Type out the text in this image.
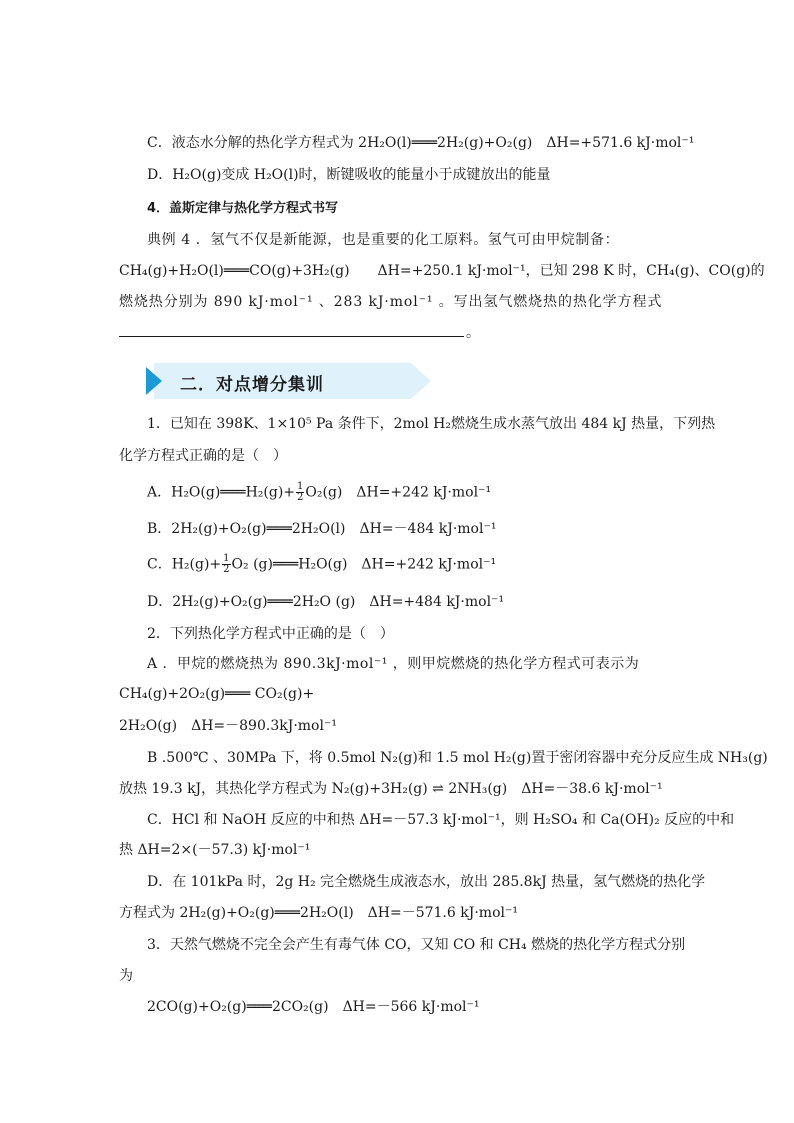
C．液态水分解的热化学方程式为 2H₂O(l)═══2H₂(g)+O₂(g)　ΔH=+571.6 kJ·mol⁻¹
D．H₂O(g)变成 H₂O(l)时，断键吸收的能量小于成键放出的能量
4．盖斯定律与热化学方程式书写
典例 4 ．氢气不仅是新能源，也是重要的化工原料。氢气可由甲烷制备：
CH₄(g)+H₂O(l)═══CO(g)+3H₂(g)　　ΔH=+250.1 kJ·mol⁻¹，已知 298 K 时，CH₄(g)、CO(g)的
燃烧热分别为 890 kJ·mol⁻¹ 、283 kJ·mol⁻¹ 。写出氢气燃烧热的热化学方程式
。
二．对点增分集训
1．已知在 398K、1×10⁵ Pa 条件下，2mol H₂燃烧生成水蒸气放出 484 kJ 热量，下列热
化学方程式正确的是（　）
A．H₂O(g)═══H₂(g)+ $\frac{1}{2} O_2(g)$　ΔH=+242 kJ·mol⁻¹
B．2H₂(g)+O₂(g)═══2H₂O(l)　ΔH=－484 kJ·mol⁻¹
C．$H_2(g)+ \frac{1}{2} O_2$ (g)═══H₂O(g)　ΔH=+242 kJ·mol⁻¹
D．2H₂(g)+O₂(g)═══2H₂O (g)　ΔH=+484 kJ·mol⁻¹
2．下列热化学方程式中正确的是（　）
A ．甲烷的燃烧热为 890.3kJ·mol⁻¹ ，则甲烷燃烧的热化学方程式可表示为
CH₄(g)+2O₂(g)═══ CO₂(g)+
2H₂O(g)　ΔH=－890.3kJ·mol⁻¹
B .500℃ 、30MPa 下，将 0.5mol N₂(g)和 1.5 mol H₂(g)置于密闭容器中充分反应生成 NH₃(g)
放热 19.3 kJ，其热化学方程式为 N₂(g)+3H₂(g) ⇌ 2NH₃(g)　ΔH=－38.6 kJ·mol⁻¹
C．HCl 和 NaOH 反应的中和热 ΔH=－57.3 kJ·mol⁻¹，则 H₂SO₄ 和 Ca(OH)₂ 反应的中和
热 ΔH=2×(－57.3) kJ·mol⁻¹
D．在 101kPa 时，2g H₂ 完全燃烧生成液态水，放出 285.8kJ 热量，氢气燃烧的热化学
方程式为 2H₂(g)+O₂(g)═══2H₂O(l)　ΔH=－571.6 kJ·mol⁻¹
3．天然气燃烧不完全会产生有毒气体 CO，又知 CO 和 CH₄ 燃烧的热化学方程式分别
为
2CO(g)+O₂(g)═══2CO₂(g)　ΔH=－566 kJ·mol⁻¹
